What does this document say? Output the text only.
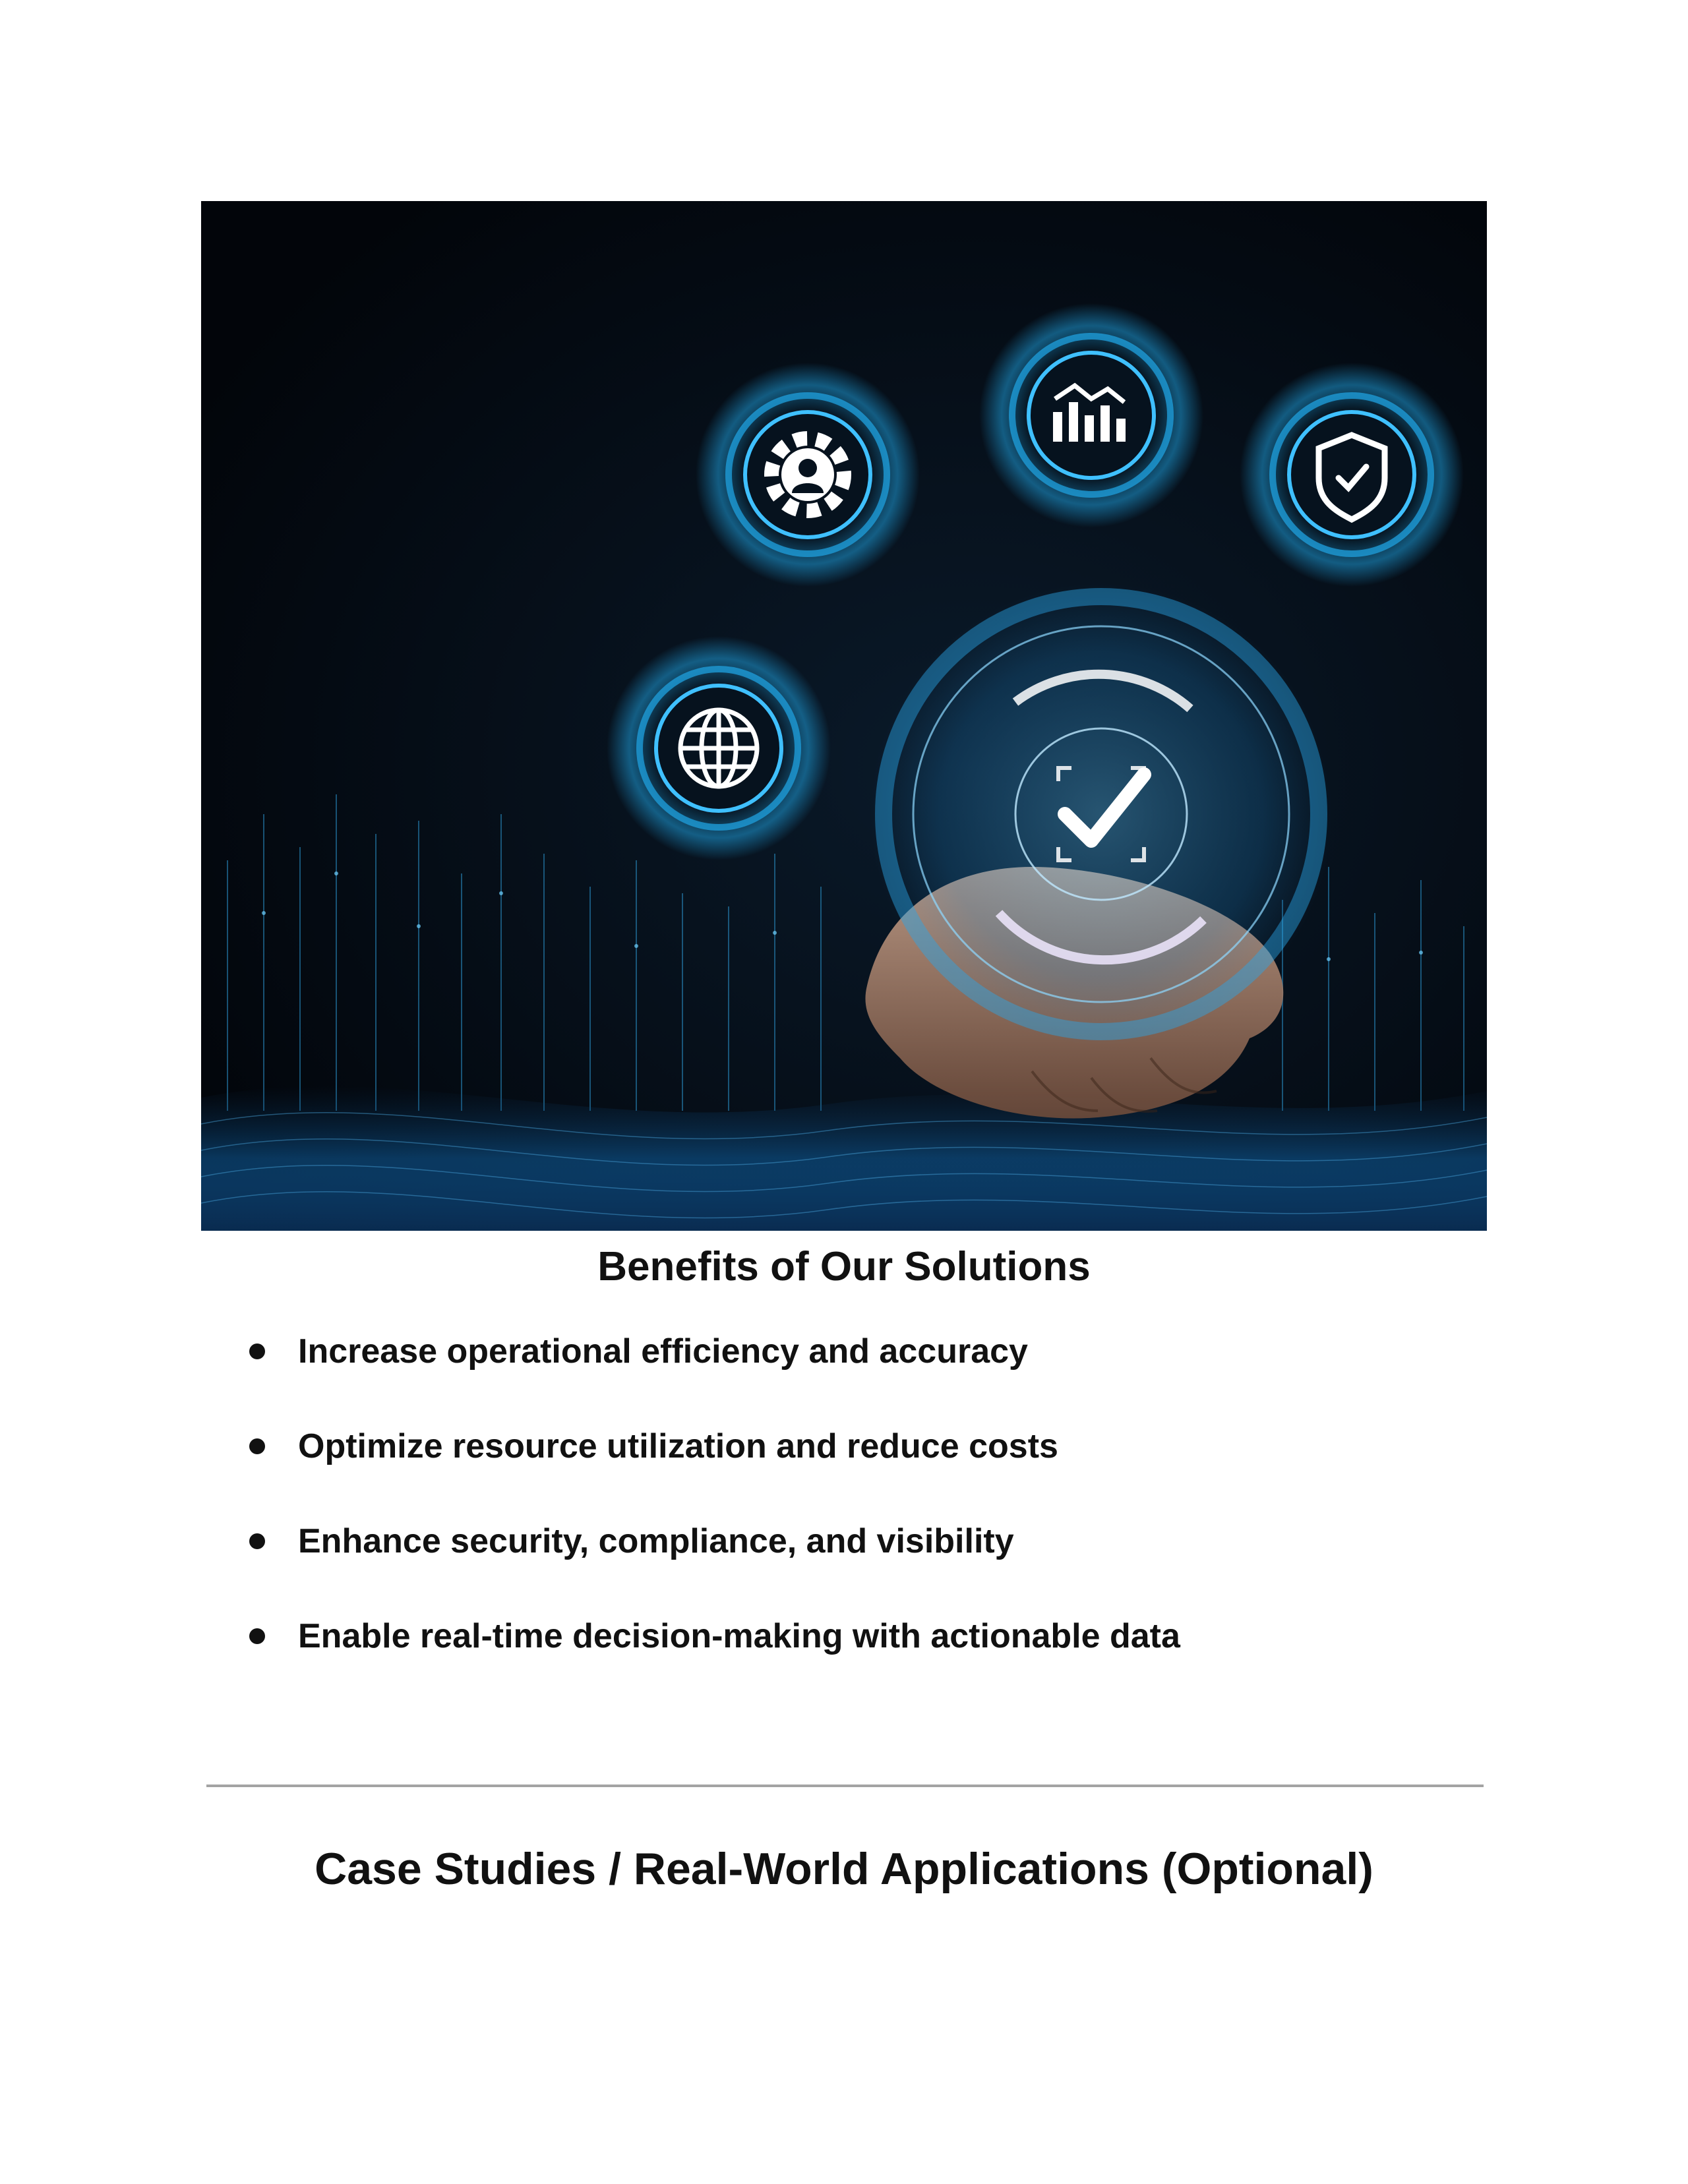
Benefits of Our Solutions
Increase operational efficiency and accuracy
Optimize resource utilization and reduce costs
Enhance security, compliance, and visibility
Enable real-time decision-making with actionable data
Case Studies / Real-World Applications (Optional)
